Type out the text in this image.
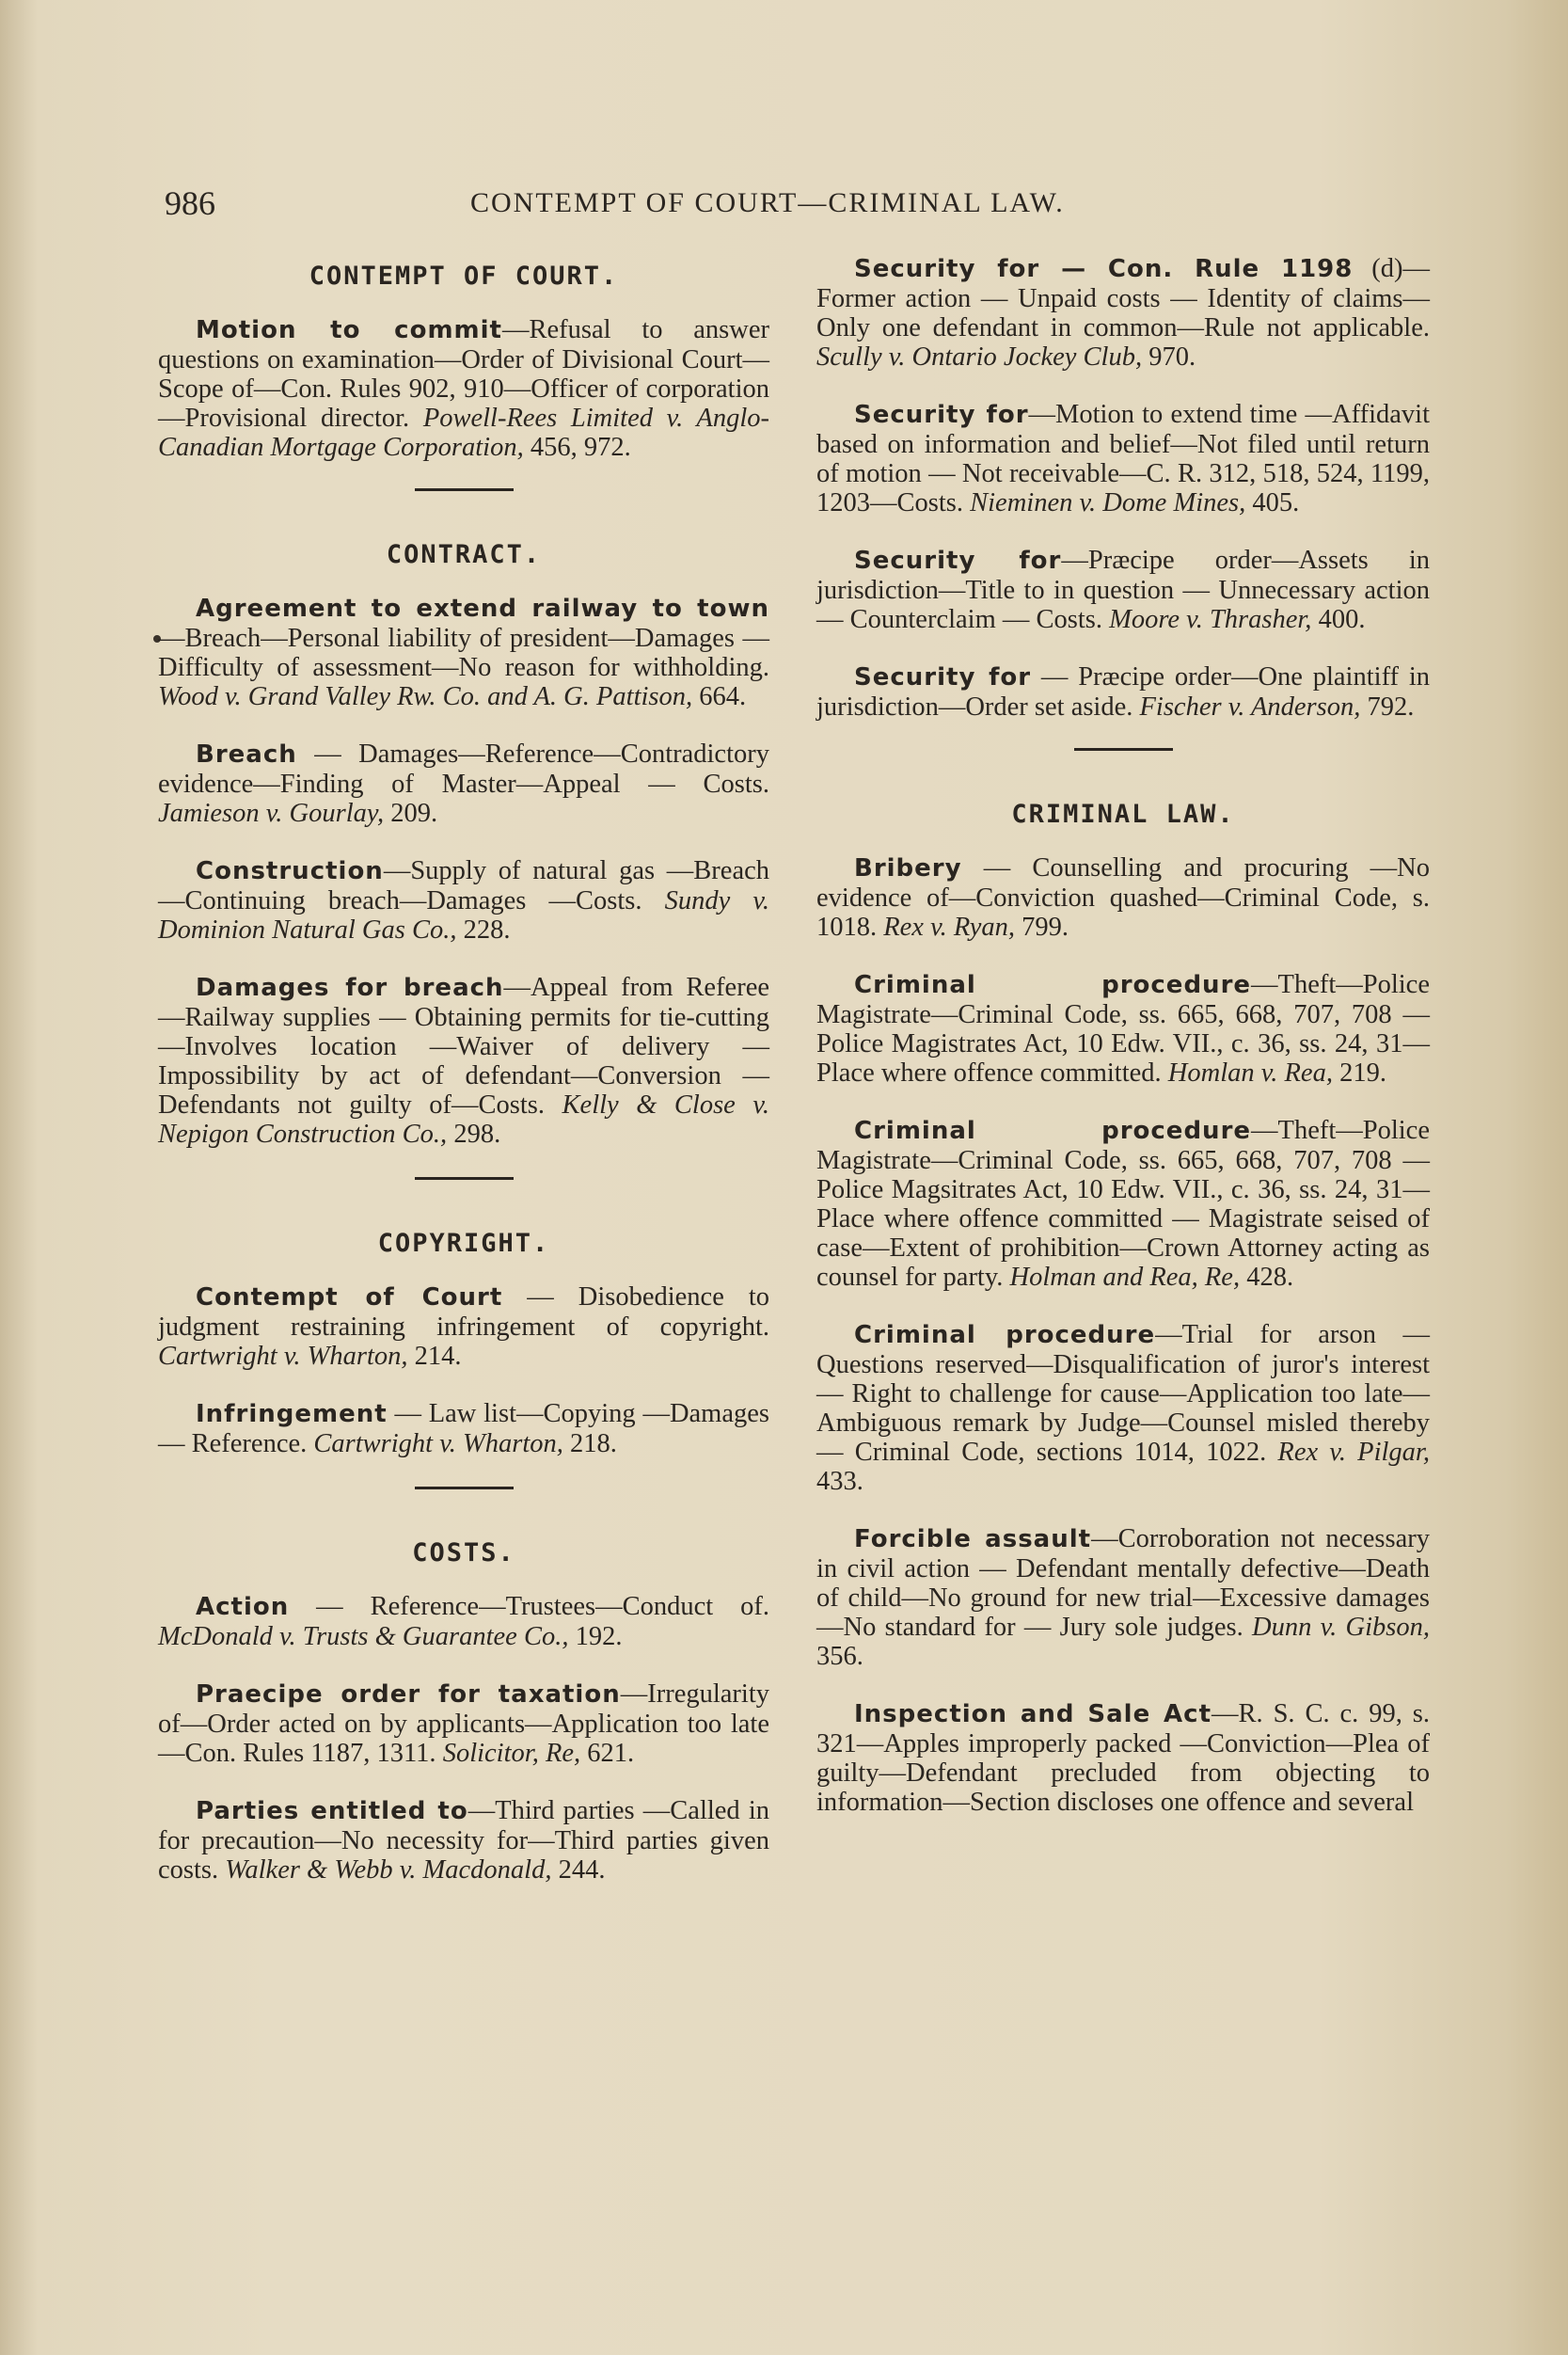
986	CONTEMPT OF COURT—CRIMINAL LAW.
CONTEMPT OF COURT.

Motion to commit—Refusal to answer questions on examination—Order of Divisional Court—Scope of—Con. Rules 902, 910—Officer of corporation—Provisional director. Powell-Rees Limited v. Anglo-Canadian Mortgage Corporation, 456, 972.

CONTRACT.

Agreement to extend railway to town—Breach—Personal liability of president—Damages — Difficulty of assessment—No reason for withholding. Wood v. Grand Valley Rw. Co. and A. G. Pattison, 664.

Breach — Damages—Reference—Contradictory evidence—Finding of Master—Appeal — Costs. Jamieson v. Gourlay, 209.

Construction—Supply of natural gas —Breach—Continuing breach—Damages —Costs. Sundy v. Dominion Natural Gas Co., 228.

Damages for breach—Appeal from Referee—Railway supplies — Obtaining permits for tie-cutting—Involves location —Waiver of delivery — Impossibility by act of defendant—Conversion — Defendants not guilty of—Costs. Kelly & Close v. Nepigon Construction Co., 298.

COPYRIGHT.

Contempt of Court — Disobedience to judgment restraining infringement of copyright. Cartwright v. Wharton, 214.

Infringement — Law list—Copying —Damages — Reference. Cartwright v. Wharton, 218.

COSTS.

Action — Reference—Trustees—Conduct of. McDonald v. Trusts & Guarantee Co., 192.

Praecipe order for taxation—Irregularity of—Order acted on by applicants—Application too late—Con. Rules 1187, 1311. Solicitor, Re, 621.

Parties entitled to—Third parties —Called in for precaution—No necessity for—Third parties given costs. Walker & Webb v. Macdonald, 244.

Security for — Con. Rule 1198 (d)—Former action — Unpaid costs — Identity of claims—Only one defendant in common—Rule not applicable. Scully v. Ontario Jockey Club, 970.

Security for—Motion to extend time —Affidavit based on information and belief—Not filed until return of motion — Not receivable—C. R. 312, 518, 524, 1199, 1203—Costs. Nieminen v. Dome Mines, 405.

Security for—Præcipe order—Assets in jurisdiction—Title to in question — Unnecessary action — Counterclaim — Costs. Moore v. Thrasher, 400.

Security for — Præcipe order—One plaintiff in jurisdiction—Order set aside. Fischer v. Anderson, 792.

CRIMINAL LAW.

Bribery — Counselling and procuring —No evidence of—Conviction quashed—Criminal Code, s. 1018. Rex v. Ryan, 799.

Criminal procedure—Theft—Police Magistrate—Criminal Code, ss. 665, 668, 707, 708 — Police Magistrates Act, 10 Edw. VII., c. 36, ss. 24, 31—Place where offence committed. Homlan v. Rea, 219.

Criminal procedure—Theft—Police Magistrate—Criminal Code, ss. 665, 668, 707, 708 — Police Magsitrates Act, 10 Edw. VII., c. 36, ss. 24, 31—Place where offence committed — Magistrate seised of case—Extent of prohibition—Crown Attorney acting as counsel for party. Holman and Rea, Re, 428.

Criminal procedure—Trial for arson —Questions reserved—Disqualification of juror's interest — Right to challenge for cause—Application too late—Ambiguous remark by Judge—Counsel misled thereby — Criminal Code, sections 1014, 1022. Rex v. Pilgar, 433.

Forcible assault—Corroboration not necessary in civil action — Defendant mentally defective—Death of child—No ground for new trial—Excessive damages —No standard for — Jury sole judges. Dunn v. Gibson, 356.

Inspection and Sale Act—R. S. C. c. 99, s. 321—Apples improperly packed —Conviction—Plea of guilty—Defendant precluded from objecting to information—Section discloses one offence and several
